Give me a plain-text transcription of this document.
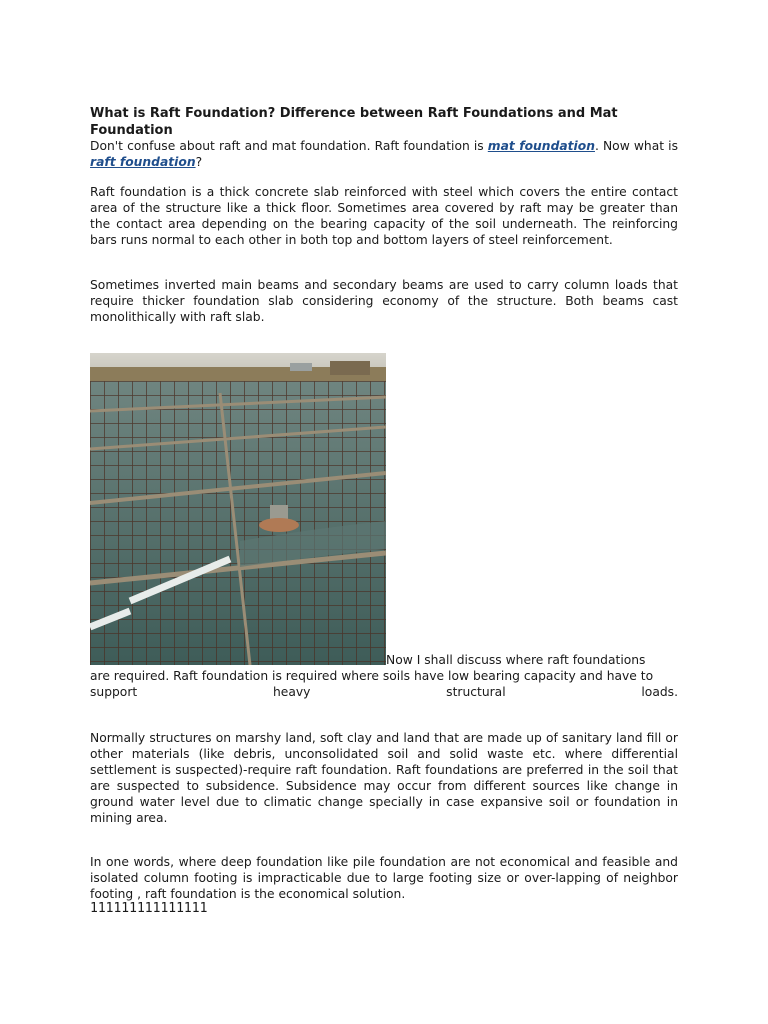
What is Raft Foundation? Difference between Raft Foundations and Mat
Foundation
Don't confuse about raft and mat foundation. Raft foundation is mat foundation. Now what is raft foundation?
Raft foundation is a thick concrete slab reinforced with steel which covers the entire contact area of the structure like a thick floor. Sometimes area covered by raft may be greater than the contact area depending on the bearing capacity of the soil underneath. The reinforcing bars runs normal to each other in both top and bottom layers of steel reinforcement.
Sometimes inverted main beams and secondary beams are used to carry column loads that require thicker foundation slab considering economy of the structure. Both beams cast monolithically with raft slab.
Now I shall discuss where raft foundations
are required. Raft foundation is required where soils have low bearing capacity and have to
support	heavy	structural	loads.
Normally structures on marshy land, soft clay and land that are made up of sanitary land fill or other materials (like debris, unconsolidated soil and solid waste etc. where differential settlement is suspected)-require raft foundation. Raft foundations are preferred in the soil that are suspected to subsidence. Subsidence may occur from different sources like change in ground water level due to climatic change specially in case expansive soil or foundation in mining area.
In one words, where deep foundation like pile foundation are not economical and feasible and isolated column footing is impracticable due to large footing size or over-lapping of neighbor footing , raft foundation is the economical solution.
111111111111111
